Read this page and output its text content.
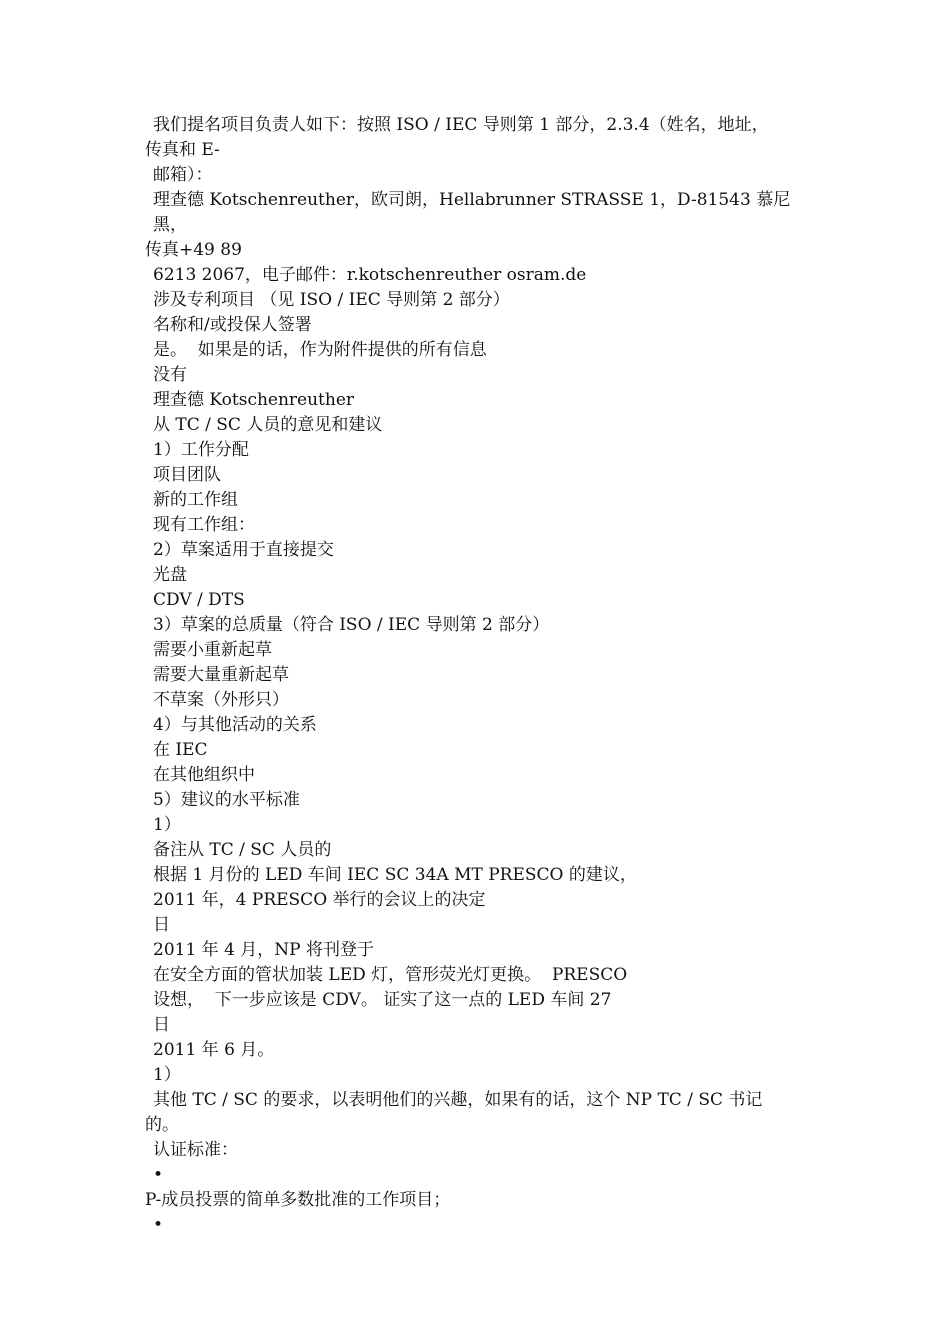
我们提名项目负责人如下：按照 ISO / IEC 导则第 1 部分，2.3.4（姓名，地址，

传真和 E-

邮箱）：

理查德 Kotschenreuther，欧司朗，Hellabrunner STRASSE 1，D-81543 慕尼黑，

传真+49 89

6213 2067，电子邮件：r.kotschenreuther osram.de

涉及专利项目 （见 ISO / IEC 导则第 2 部分）

名称和/或投保人签署

是。  如果是的话，作为附件提供的所有信息

没有

理查德 Kotschenreuther

从 TC / SC 人员的意见和建议

1）工作分配

项目团队

新的工作组

现有工作组：

2）草案适用于直接提交

光盘

CDV / DTS

3）草案的总质量（符合 ISO / IEC 导则第 2 部分）

需要小重新起草

需要大量重新起草

不草案（外形只）

4）与其他活动的关系

在 IEC

在其他组织中

5）建议的水平标准

1）

备注从 TC / SC 人员的

根据 1 月份的 LED 车间 IEC SC 34A MT PRESCO 的建议，

2011 年，4 PRESCO 举行的会议上的决定

日

2011 年 4 月，NP 将刊登于

在安全方面的管状加装 LED 灯，管形荧光灯更换。  PRESCO

设想，  下一步应该是 CDV。 证实了这一点的 LED 车间 27

日

2011 年 6 月。

1）

其他 TC / SC 的要求，以表明他们的兴趣，如果有的话，这个 NP TC / SC 书记

的。

认证标准：

•

P-成员投票的简单多数批准的工作项目；

•
